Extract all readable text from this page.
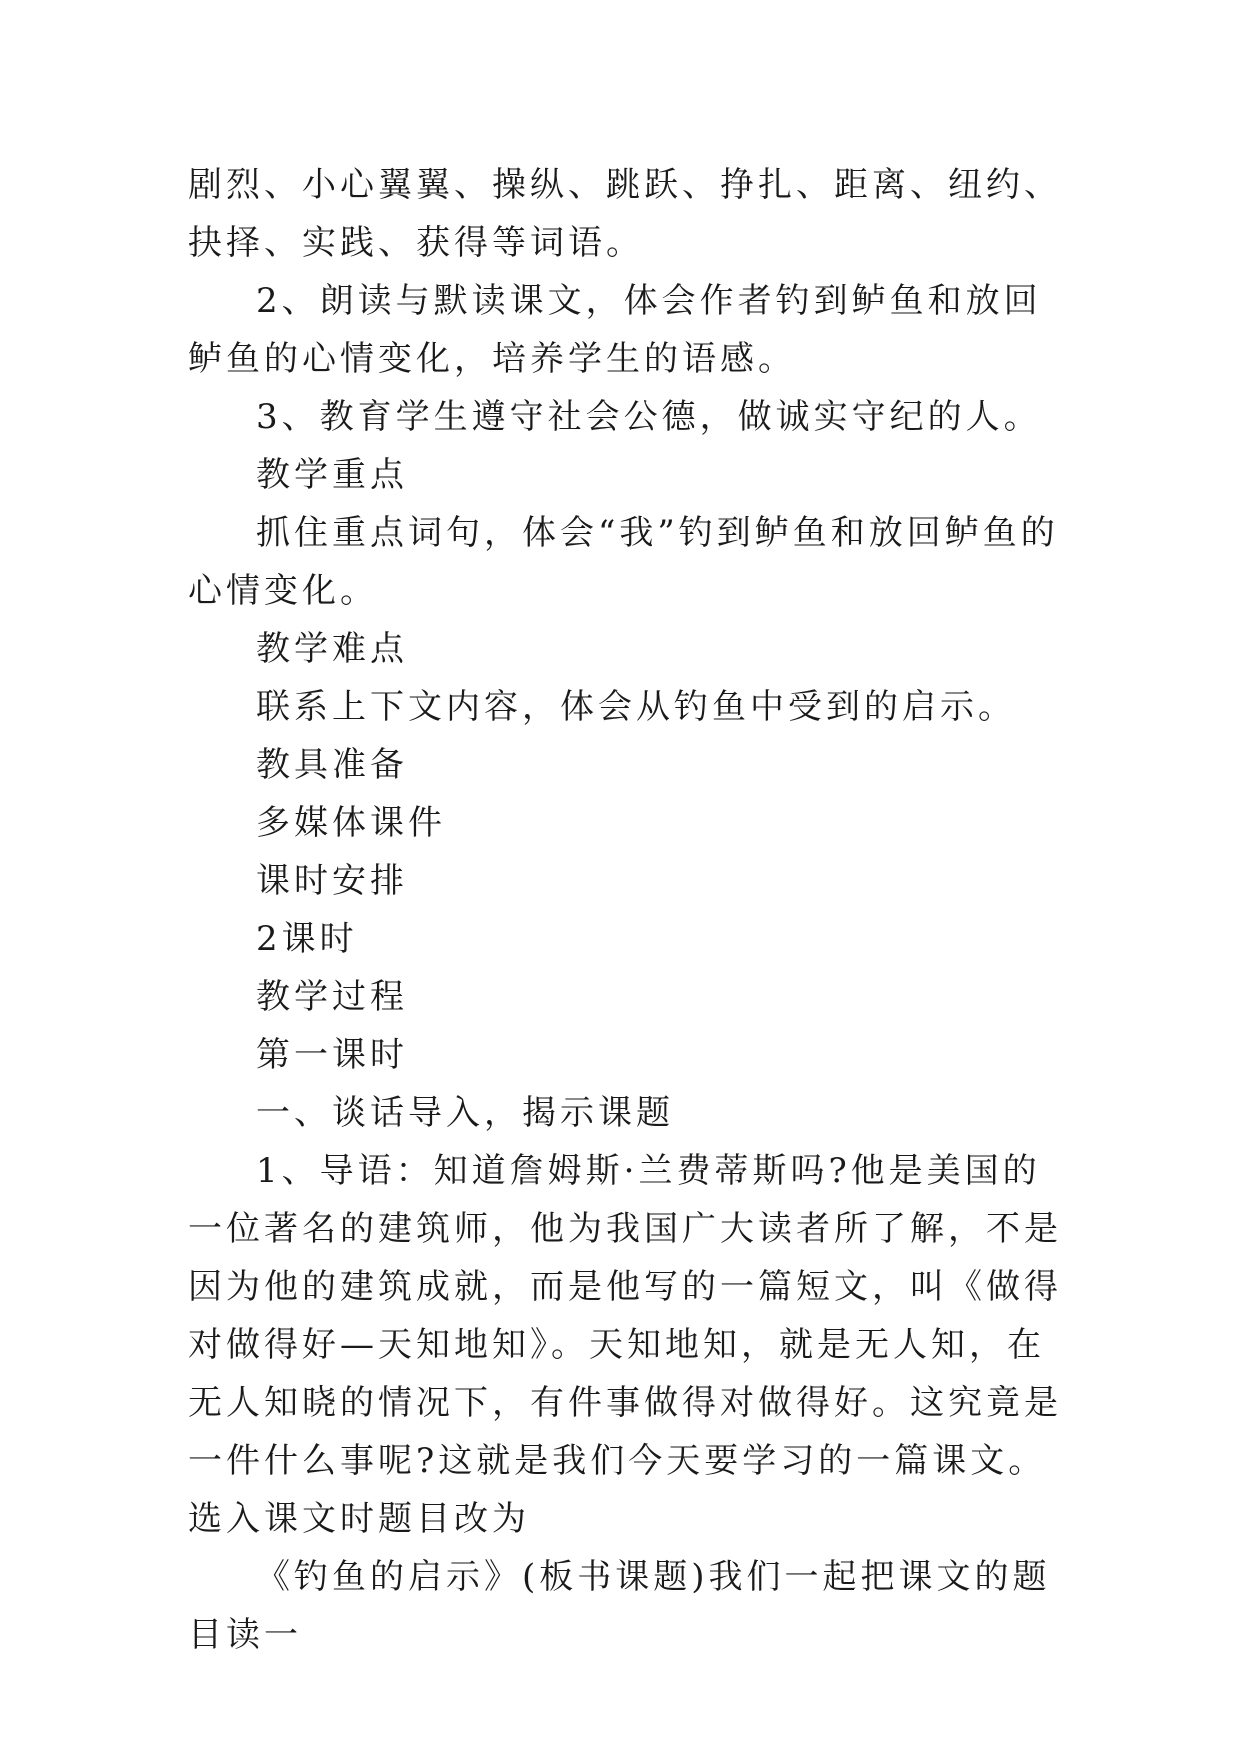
剧烈、小心翼翼、操纵、跳跃、挣扎、距离、纽约、抉择、实践、获得等词语。

2、朗读与默读课文，体会作者钓到鲈鱼和放回鲈鱼的心情变化，培养学生的语感。

3、教育学生遵守社会公德，做诚实守纪的人。

教学重点

抓住重点词句，体会“我”钓到鲈鱼和放回鲈鱼的心情变化。

教学难点

联系上下文内容，体会从钓鱼中受到的启示。

教具准备

多媒体课件

课时安排

2课时

教学过程

第一课时

一、谈话导入，揭示课题

1、导语：知道詹姆斯·兰费蒂斯吗?他是美国的一位著名的建筑师，他为我国广大读者所了解，不是因为他的建筑成就，而是他写的一篇短文，叫《做得对做得好—天知地知》。天知地知，就是无人知，在无人知晓的情况下，有件事做得对做得好。这究竟是一件什么事呢?这就是我们今天要学习的一篇课文。选入课文时题目改为

《钓鱼的启示》(板书课题)我们一起把课文的题目读一
